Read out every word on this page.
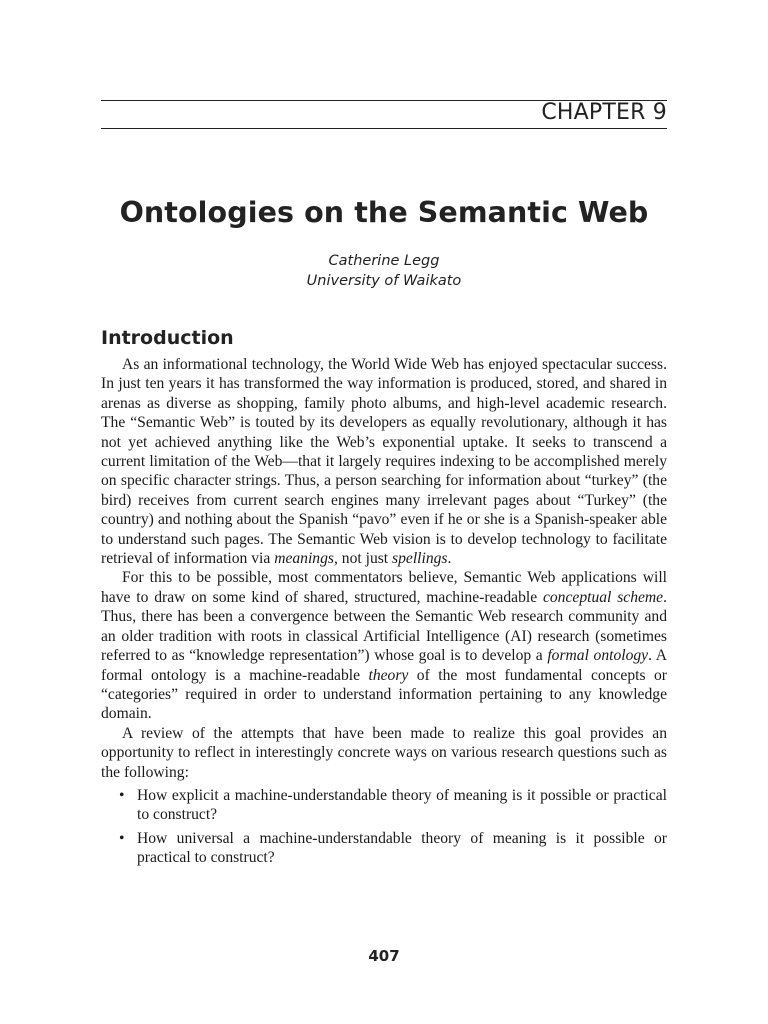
CHAPTER 9
Ontologies on the Semantic Web
Catherine Legg
University of Waikato
Introduction

As an informational technology, the World Wide Web has enjoyed spectacular success. In just ten years it has transformed the way information is produced, stored, and shared in arenas as diverse as shopping, family photo albums, and high-level academic research. The “Semantic Web” is touted by its developers as equally revolutionary, although it has not yet achieved anything like the Web’s exponential uptake. It seeks to transcend a current limitation of the Web—that it largely requires indexing to be accomplished merely on specific character strings. Thus, a person searching for information about “turkey” (the bird) receives from current search engines many irrelevant pages about “Turkey” (the country) and nothing about the Spanish “pavo” even if he or she is a Spanish-speaker able to understand such pages. The Semantic Web vision is to develop technology to facilitate retrieval of information via meanings, not just spellings.

For this to be possible, most commentators believe, Semantic Web applications will have to draw on some kind of shared, structured, machine-readable conceptual scheme. Thus, there has been a convergence between the Semantic Web research community and an older tradition with roots in classical Artificial Intelligence (AI) research (sometimes referred to as “knowledge representation”) whose goal is to develop a formal ontology. A formal ontology is a machine-readable theory of the most fundamental concepts or “categories” required in order to understand information pertaining to any knowledge domain.

A review of the attempts that have been made to realize this goal provides an opportunity to reflect in interestingly concrete ways on various research questions such as the following:

• How explicit a machine-understandable theory of meaning is it possible or practical to construct?
• How universal a machine-understandable theory of meaning is it possible or practical to construct?
407
